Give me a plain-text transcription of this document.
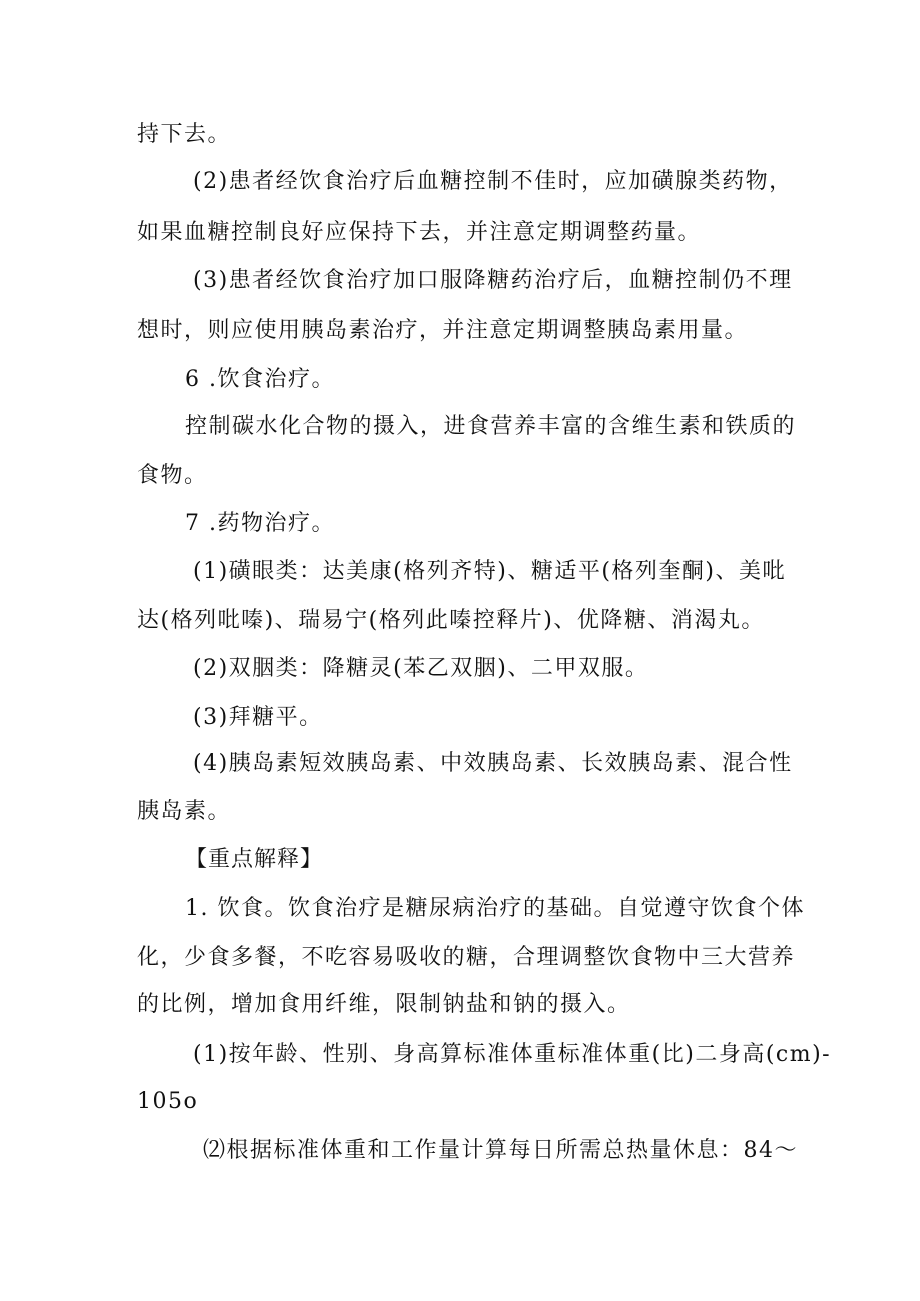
持下去。
(2)患者经饮食治疗后血糖控制不佳时，应加磺腺类药物，
如果血糖控制良好应保持下去，并注意定期调整药量。
(3)患者经饮食治疗加口服降糖药治疗后，血糖控制仍不理
想时，则应使用胰岛素治疗，并注意定期调整胰岛素用量。
6 .饮食治疗。
控制碳水化合物的摄入，进食营养丰富的含维生素和铁质的
食物。
7 .药物治疗。
(1)磺眼类：达美康(格列齐特)、糖适平(格列奎酮)、美吡
达(格列吡嗪)、瑞易宁(格列此嗪控释片)、优降糖、消渴丸。
(2)双胭类：降糖灵(苯乙双胭)、二甲双服。
(3)拜糖平。
(4)胰岛素短效胰岛素、中效胰岛素、长效胰岛素、混合性
胰岛素。
【重点解释】
1. 饮食。饮食治疗是糖尿病治疗的基础。自觉遵守饮食个体
化，少食多餐，不吃容易吸收的糖，合理调整饮食物中三大营养
的比例，增加食用纤维，限制钠盐和钠的摄入。
(1)按年龄、性别、身高算标准体重标准体重(比)二身高(cm)-
105o
⑵根据标准体重和工作量计算每日所需总热量休息：84～
